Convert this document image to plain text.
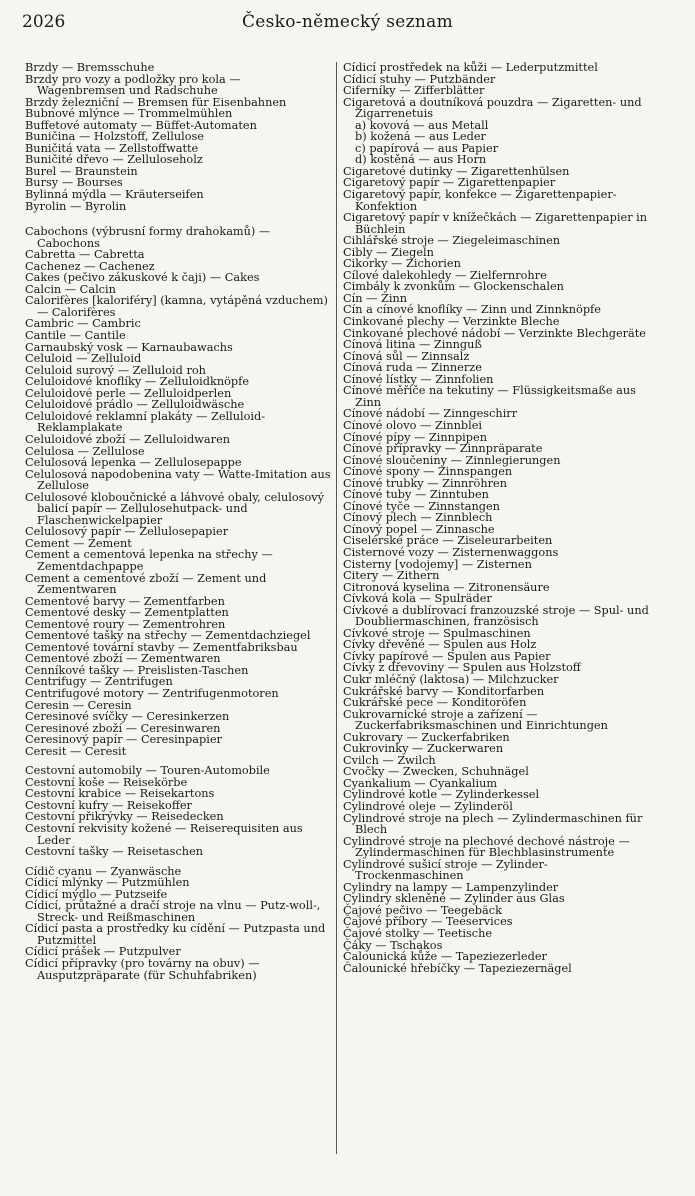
2026	Česko-německý seznam
Brzdy — Bremsschuhe
Brzdy pro vozy a podložky pro kola — Wagenbremsen und Radschuhe
Brzdy železniční — Bremsen für Eisenbahnen
Bubnové mlýnce — Trommelmühlen
Buffetové automaty — Büffet-Automaten
Buničina — Holzstoff, Zellulose
Buničitá vata — Zellstoffwatte
Buničité dřevo — Zelluloseholz
Burel — Braunstein
Bursy — Bourses
Bylinná mýdla — Kräuterseifen
Byrolin — Byrolin
Cabochons (výbrusní formy drahokamů) — Cabochons
Cabretta — Cabretta
Cachenez — Cachenez
Cakes (pečivo zákuskové k čaji) — Cakes
Calcin — Calcin
Calorifères [kaloriféry] (kamna, vytápěná vzduchem) — Calorifères
Cambric — Cambric
Cantile — Cantile
Carnaubský vosk — Karnaubawachs
Celuloid — Zelluloid
Celuloid surový — Zelluloid roh
Celuloidové knoflíky — Zelluloidknöpfe
Celuloidové perle — Zelluloidperlen
Celuloidové prádlo — Zelluloidwäsche
Celuloidové reklamní plakáty — Zelluloid-Reklamplakate
Celuloidové zboží — Zelluloidwaren
Celulosa — Zellulose
Celulosová lepenka — Zellulosepappe
Celulosová napodobenina vaty — Watte-Imitation aus Zellulose
Celulosové kloboučnické a láhvové obaly, celulosový balicí papír — Zellulosehutpack- und Flaschenwickelpapier
Celulosový papír — Zellulosepapier
Cement — Zement
Cement a cementová lepenka na střechy — Zementdachpappe
Cement a cementové zboží — Zement und Zementwaren
Cementové barvy — Zementfarben
Cementové desky — Zementplatten
Cementové roury — Zementrohren
Cementové tašky na střechy — Zementdachziegel
Cementové tovární stavby — Zementfabriksbau
Cementové zboží — Zementwaren
Cenníkové tašky — Preislisten-Taschen
Centrifugy — Zentrifugen
Centrifugové motory — Zentrifugenmotoren
Ceresin — Ceresin
Ceresinové svíčky — Ceresinkerzen
Ceresinové zboží — Ceresinwaren
Ceresinový papír — Ceresinpapier
Ceresit — Ceresit
Cestovní automobily — Touren-Automobile
Cestovní koše — Reisekörbe
Cestovní krabice — Reisekartons
Cestovní kufry — Reisekoffer
Cestovní přikrývky — Reisedecken
Cestovní rekvisity kožené — Reiserequisiten aus Leder
Cestovní tašky — Reisetaschen
Cídič cyanu — Zyanwäsche
Cídicí mlýnky — Putzmühlen
Cídicí mýdlo — Putzseife
Cídicí, průtažné a dračí stroje na vlnu — Putz-woll-, Streck- und Reißmaschinen
Cídicí pasta a prostředky ku cídění — Putzpasta und Putzmittel
Cídicí prášek — Putzpulver
Cídicí přípravky (pro továrny na obuv) — Ausputzpräparate (für Schuhfabriken)
Cídicí prostředek na kůži — Lederputzmittel
Cídicí stuhy — Putzbänder
Ciferníky — Zifferblätter
Cigaretová a doutníková pouzdra — Zigaretten- und Zigarrenetuis
a) kovová — aus Metall
b) kožená — aus Leder
c) papírová — aus Papier
d) kostěná — aus Horn
Cigaretové dutinky — Zigarettenhülsen
Cigaretový papír — Zigarettenpapier
Cigaretový papír, konfekce — Zigarettenpapier-Konfektion
Cigaretový papír v knížečkách — Zigarettenpapier in Büchlein
Cihlářské stroje — Ziegeleimaschinen
Cibly — Ziegeln
Cikorky — Zichorien
Cílové dalekohledy — Zielfernrohre
Cimbály k zvonkům — Glockenschalen
Cín — Zinn
Cín a cínové knoflíky — Zinn und Zinnknöpfe
Cinkované plechy — Verzinkte Bleche
Cinkované plechové nádobí — Verzinkte Blechgeräte
Cínová litina — Zinnguß
Cínová sůl — Zinnsalz
Cínová ruda — Zinnerze
Cínové lístky — Zinnfolien
Cínové měřiče na tekutiny — Flüssigkeitsmaße aus Zinn
Cínové nádobí — Zinngeschirr
Cínové olovo — Zinnblei
Cínové pípy — Zinnpipen
Cínové přípravky — Zinnpräparate
Cínové sloučeniny — Zinnlegierungen
Cínové spony — Zinnspangen
Cínové trubky — Zinnröhren
Cínové tuby — Zinntuben
Cínové tyče — Zinnstangen
Cínový plech — Zinnblech
Cínový popel — Zinnasche
Ciselérské práce — Ziseleurarbeiten
Cisternové vozy — Zisternenwaggons
Cisterny [vodojemy] — Zisternen
Citery — Zithern
Citronová kyselina — Zitronensäure
Cívková kola — Spulräder
Cívkové a dublírovací franzouzské stroje — Spul- und Doubliermaschinen, französisch
Cívkové stroje — Spulmaschinen
Cívky dřevěné — Spulen aus Holz
Cívky papírové — Spulen aus Papier
Cívky z dřevoviny — Spulen aus Holzstoff
Cukr mléčný (laktosa) — Milchzucker
Cukrářské barvy — Konditorfarben
Cukrářské pece — Konditoröfen
Cukrovarnické stroje a zařízení — Zuckerfabriksmaschinen und Einrichtungen
Cukrovary — Zuckerfabriken
Cukrovinky — Zuckerwaren
Cvilch — Zwilch
Cvočky — Zwecken, Schuhnägel
Cyankalium — Cyankalium
Cylindrové kotle — Zylinderkessel
Cylindrové oleje — Zylinderöl
Cylindrové stroje na plech — Zylindermaschinen für Blech
Cylindrové stroje na plechové dechové nástroje — Zylindermaschinen für Blechblasinstrumente
Cylindrové sušicí stroje — Zylinder-Trockenmaschinen
Cylindry na lampy — Lampenzylinder
Cylindry skleněné — Zylinder aus Glas
Čajové pečivo — Teegebäck
Čajové příbory — Teeservices
Čajové stolky — Teetische
Čáky — Tschakos
Čalounická kůže — Tapeziezerleder
Čalounické hřebíčky — Tapeziezernägel
